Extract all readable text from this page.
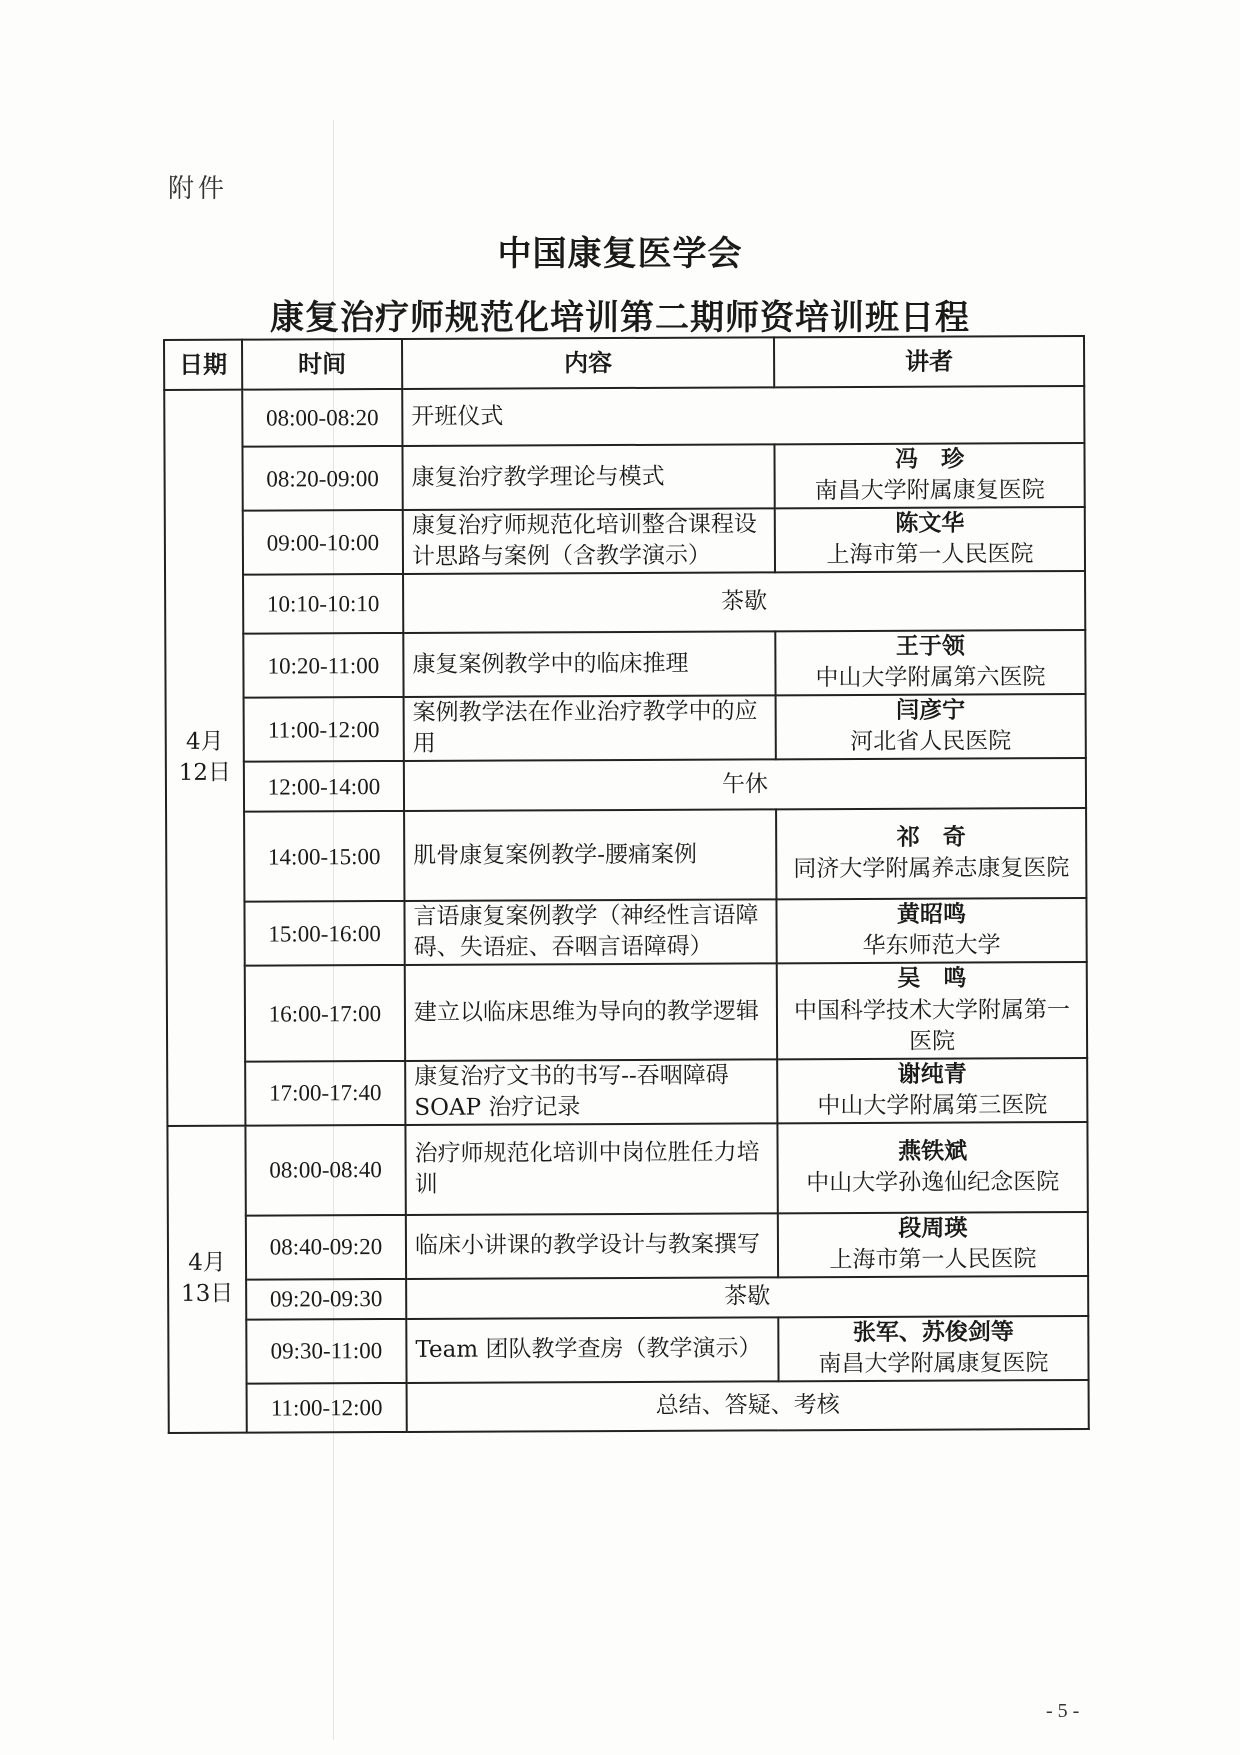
附件
中国康复医学会
康复治疗师规范化培训第二期师资培训班日程
日期	时间	内容	讲者
4月
12日	08:00-08:20	开班仪式	
	08:20-09:00	康复治疗教学理论与模式	冯　珍
南昌大学附属康复医院

	09:00-10:00	康复治疗师规范化培训整合课程设计思路与案例（含教学演示）	陈文华
上海市第一人民医院

	10:10-10:10	茶歇	
	10:20-11:00	康复案例教学中的临床推理	王于领
中山大学附属第六医院

	11:00-12:00	案例教学法在作业治疗教学中的应用	闫彦宁
河北省人民医院

	12:00-14:00	午休	
	14:00-15:00	肌骨康复案例教学-腰痛案例	祁　奇
同济大学附属养志康复医院

	15:00-16:00	言语康复案例教学（神经性言语障碍、失语症、吞咽言语障碍）	黄昭鸣
华东师范大学

	16:00-17:00	建立以临床思维为导向的教学逻辑	吴　鸣
中国科学技术大学附属第一医院

	17:00-17:40	康复治疗文书的书写--吞咽障碍SOAP 治疗记录	谢纯青
中山大学附属第三医院

4月
13日	08:00-08:40	治疗师规范化培训中岗位胜任力培训	燕铁斌
中山大学孙逸仙纪念医院

	08:40-09:20	临床小讲课的教学设计与教案撰写	段周瑛
上海市第一人民医院

	09:20-09:30	茶歇	
	09:30-11:00	Team 团队教学查房（教学演示）	张军、苏俊剑等
南昌大学附属康复医院

	11:00-12:00	总结、答疑、考核	
- 5 -
